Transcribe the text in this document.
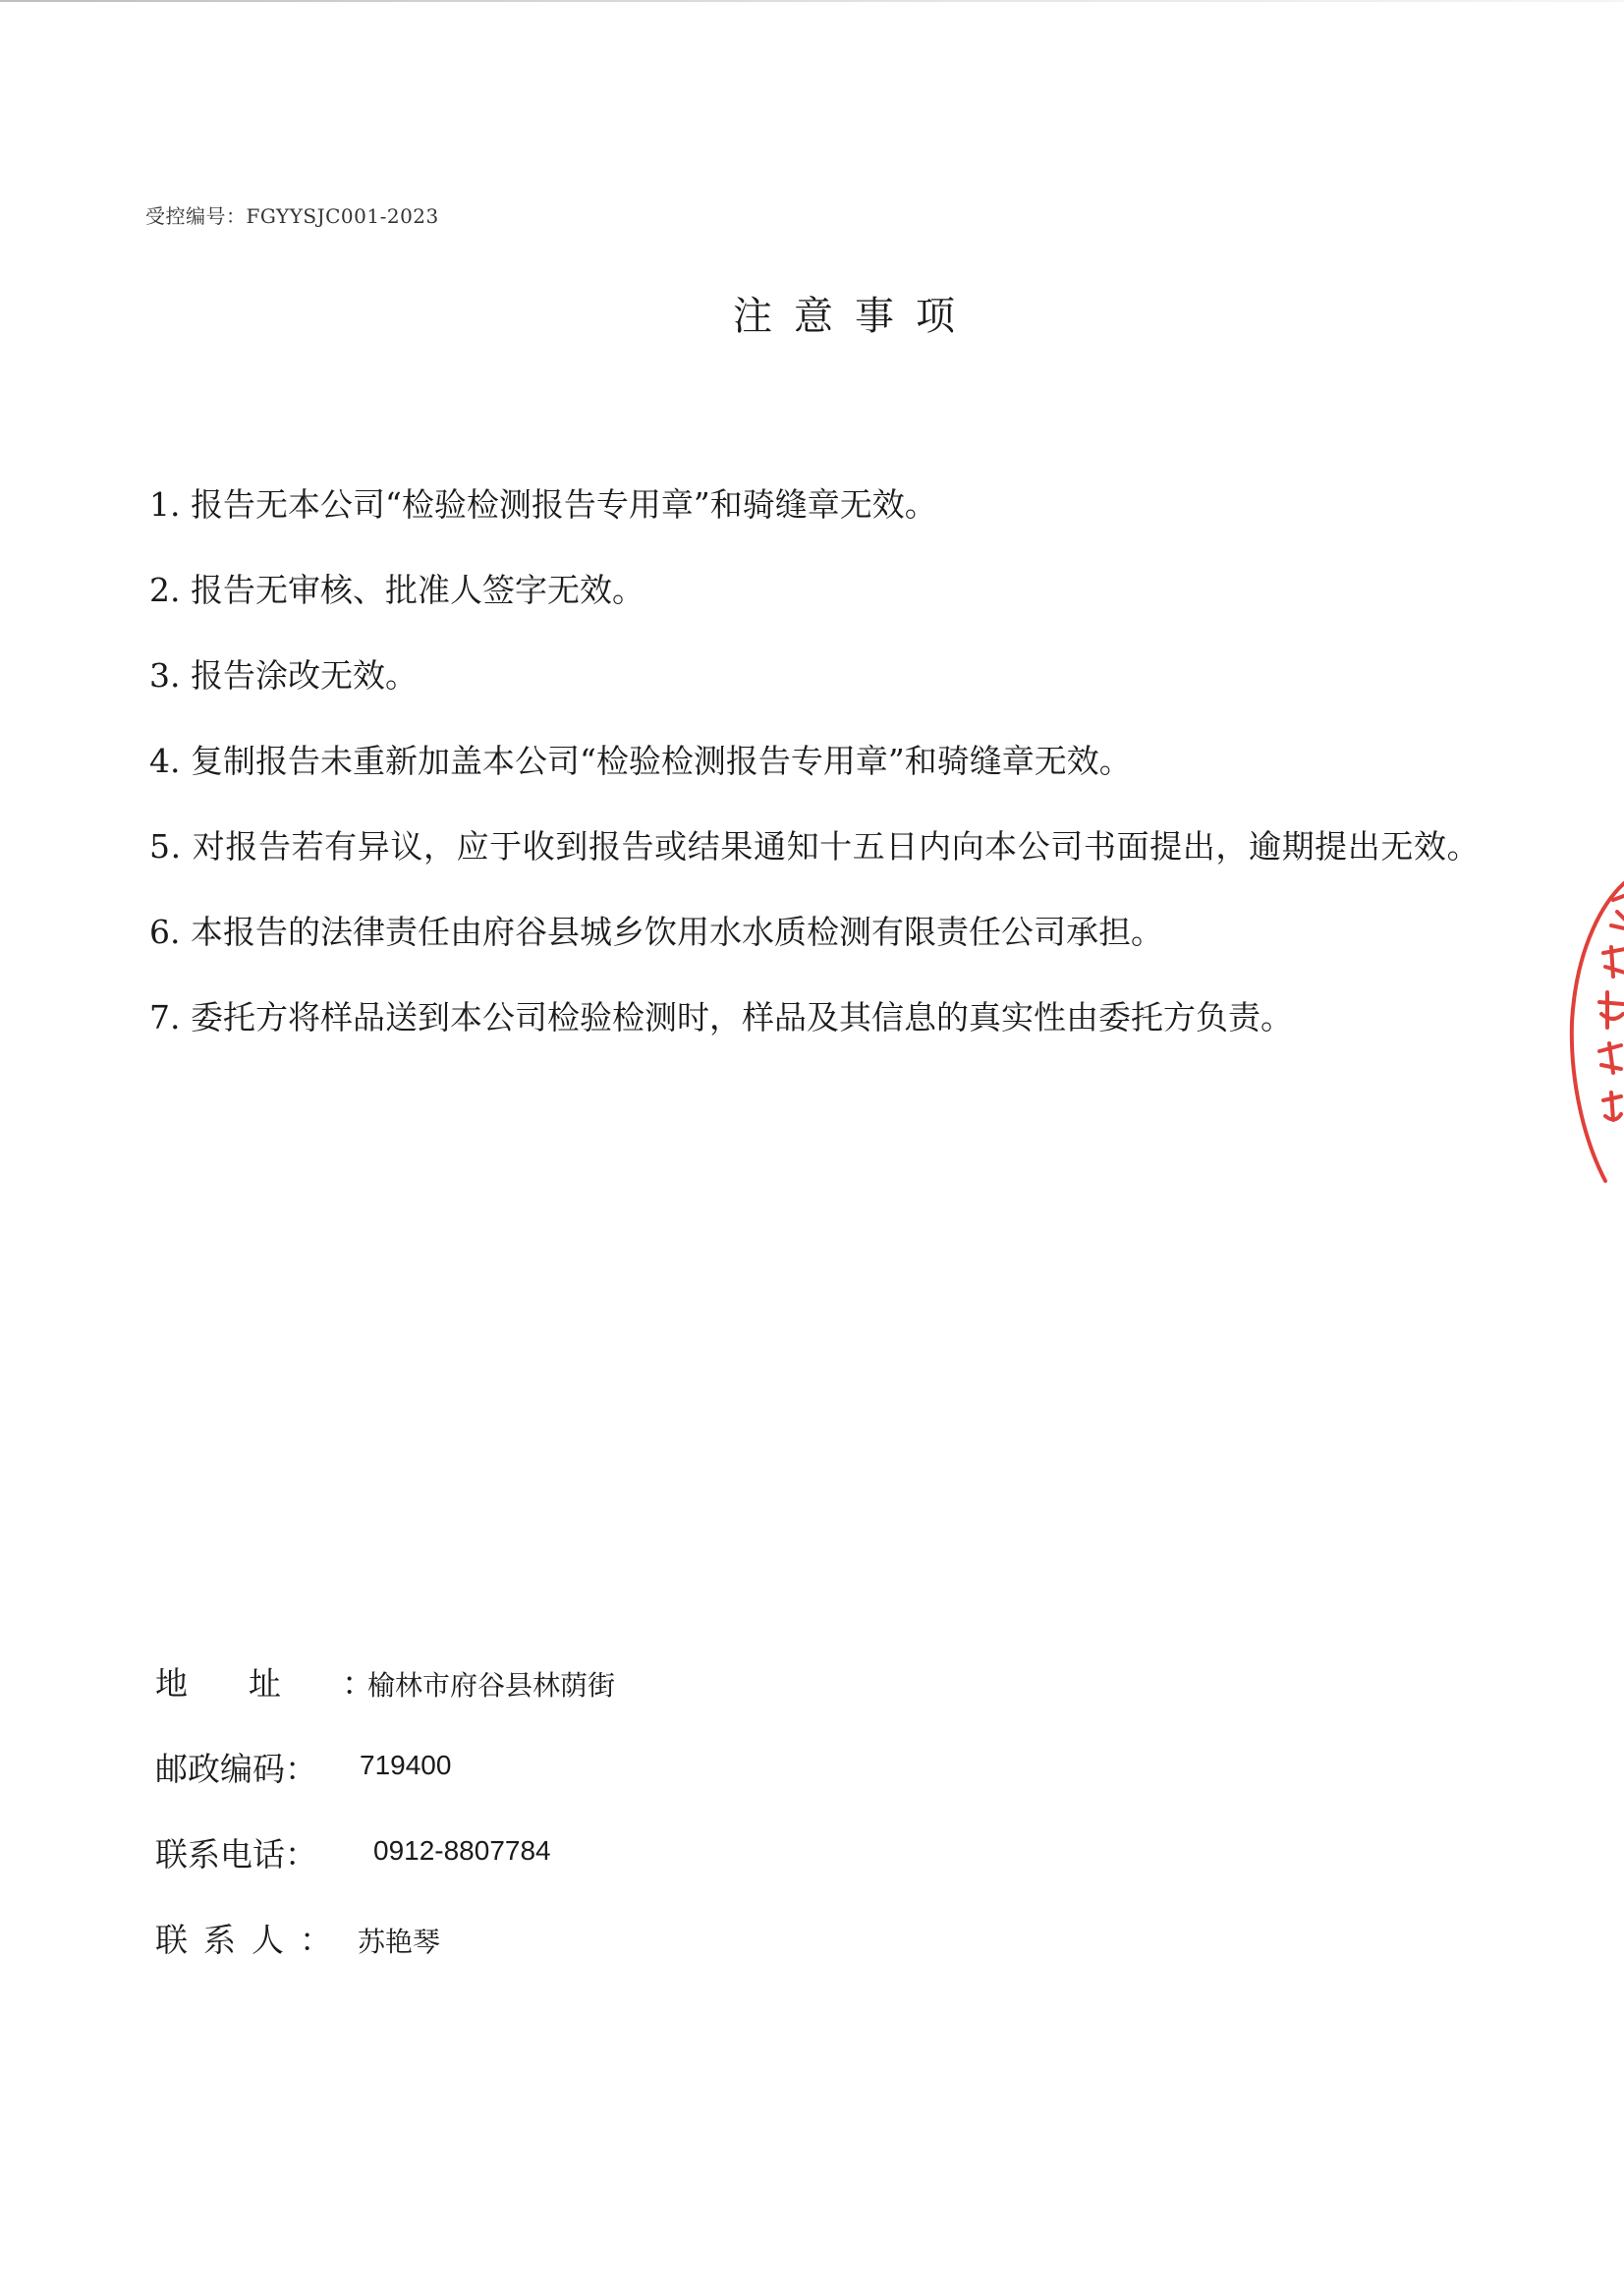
受控编号：FGYYSJC001-2023
注意事项
1. 报告无本公司“检验检测报告专用章”和骑缝章无效。
2. 报告无审核、批准人签字无效。
3. 报告涂改无效。
4. 复制报告未重新加盖本公司“检验检测报告专用章”和骑缝章无效。
5. 对报告若有异议，应于收到报告或结果通知十五日内向本公司书面提出，逾期提出无效。
6. 本报告的法律责任由府谷县城乡饮用水水质检测有限责任公司承担。
7. 委托方将样品送到本公司检验检测时，样品及其信息的真实性由委托方负责。
地址：
榆林市府谷县林荫街
邮政编码： 719400
联系电话： 0912-8807784
联系人： 苏艳琴
